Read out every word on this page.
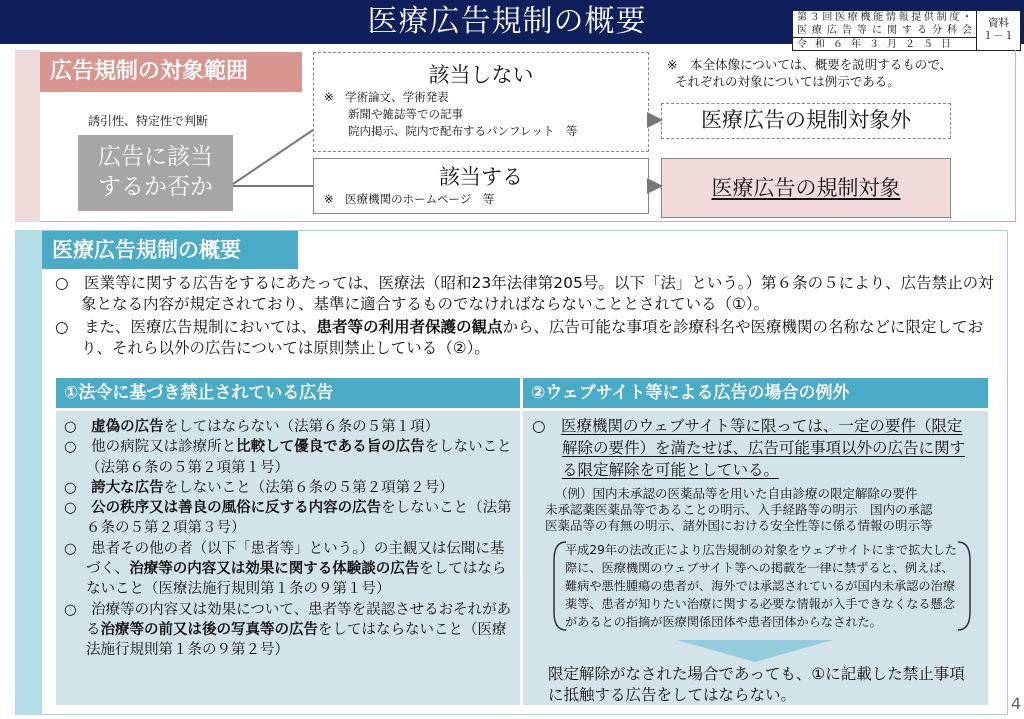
医療広告規制の概要	第３回医療機能情報提供制度・
医療広告等に関する分科会
令和６年３月２５日
資料
１－１
広告規制の対象範囲
誘引性、特定性で判断
広告に該当
するか否か
該当しない
※　学術論文、学術発表
新聞や雑誌等での記事
院内掲示、院内で配布するパンフレット　等
該当する
※　医療機関のホームページ　等
※　本全体像については、概要を説明するもので、
それぞれの対象については例示である。
医療広告の規制対象外
医療広告の規制対象
医療広告規制の概要
○　医業等に関する広告をするにあたっては、医療法（昭和23年法律第205号。以下「法」という。）第６条の５により、広告禁止の対象となる内容が規定されており、基準に適合するものでなければならないこととされている（①）。
○　また、医療広告規制においては、患者等の利用者保護の観点から、広告可能な事項を診療科名や医療機関の名称などに限定しており、それら以外の広告については原則禁止している（②）。
①法令に基づき禁止されている広告
○　虚偽の広告をしてはならない（法第６条の５第１項）
○　他の病院又は診療所と比較して優良である旨の広告をしないこと（法第６条の５第２項第１号）
○　誇大な広告をしないこと（法第６条の５第２項第２号）
○　公の秩序又は善良の風俗に反する内容の広告をしないこと（法第６条の５第２項第３号）
○　患者その他の者（以下「患者等」という。）の主観又は伝聞に基づく、治療等の内容又は効果に関する体験談の広告をしてはならないこと（医療法施行規則第１条の９第１号）
○　治療等の内容又は効果について、患者等を誤認させるおそれがある治療等の前又は後の写真等の広告をしてはならないこと（医療法施行規則第１条の９第２号）
②ウェブサイト等による広告の場合の例外
○　医療機関のウェブサイト等に限っては、一定の要件（限定解除の要件）を満たせば、広告可能事項以外の広告に関する限定解除を可能としている。
（例）国内未承認の医薬品等を用いた自由診療の限定解除の要件
未承認薬医薬品等であることの明示、入手経路等の明示　国内の承認
医薬品等の有無の明示、諸外国における安全性等に係る情報の明示等
平成29年の法改正により広告規制の対象をウェブサイトにまで拡大した際に、医療機関のウェブサイト等への掲載を一律に禁ずると、例えば、難病や悪性腫瘍の患者が、海外では承認されているが国内未承認の治療薬等、患者が知りたい治療に関する必要な情報が入手できなくなる懸念があるとの指摘が医療関係団体や患者団体からなされた。
限定解除がなされた場合であっても、①に記載した禁止事項に抵触する広告をしてはならない。	4
